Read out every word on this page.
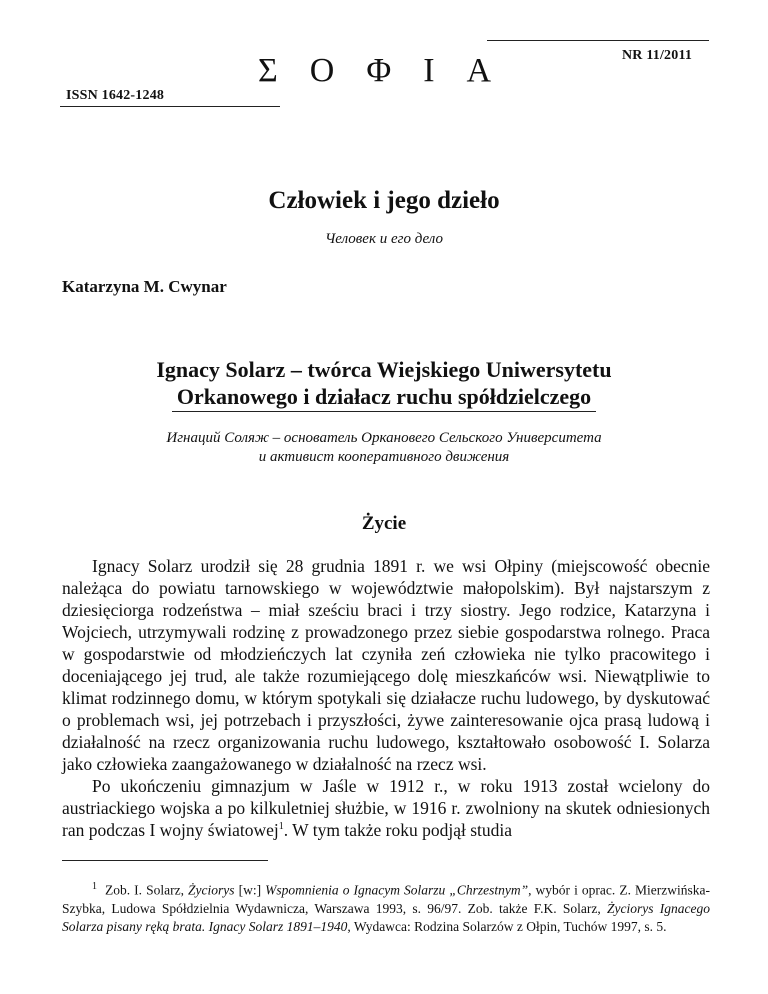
NR 11/2011
Σ Ο Φ Ι Α
ISSN 1642-1248
Człowiek i jego dzieło
Человек и его дело
Katarzyna M. Cwynar
Ignacy Solarz – twórca Wiejskiego Uniwersytetu
Orkanowego i działacz ruchu spółdzielczego
Игнаций Соляж – основатель Оркановего Сельского Университета
и активист кооперативного движения
Życie

Ignacy Solarz urodził się 28 grudnia 1891 r. we wsi Ołpiny (miejscowość obecnie należąca do powiatu tarnowskiego w województwie małopolskim). Był najstarszym z dziesięciorga rodzeństwa – miał sześciu braci i trzy siostry. Jego rodzice, Katarzyna i Wojciech, utrzymywali rodzinę z prowadzonego przez siebie gospodarstwa rolnego. Praca w gospodarstwie od młodzieńczych lat czyniła zeń człowieka nie tylko pracowitego i doceniającego jej trud, ale także rozumiejącego dolę mieszkańców wsi. Niewątpliwie to klimat rodzinnego domu, w którym spotykali się działacze ruchu ludowego, by dyskutować o problemach wsi, jej potrzebach i przyszłości, żywe zainteresowanie ojca prasą ludową i działalność na rzecz organizowania ruchu ludowego, kształtowało osobowość I. Solarza jako człowieka zaangażowanego w działalność na rzecz wsi.

Po ukończeniu gimnazjum w Jaśle w 1912 r., w roku 1913 został wcielony do austriackiego wojska a po kilkuletniej służbie, w 1916 r. zwolniony na skutek odniesionych ran podczas I wojny światowej$^1$. W tym także roku podjął studia

$^1$ Zob. I. Solarz, Życiorys [w:] Wspomnienia o Ignacym Solarzu „Chrzestnym”, wybór i oprac. Z. Mierzwińska-Szybka, Ludowa Spółdzielnia Wydawnicza, Warszawa 1993, s. 96/97. Zob. także F.K. Solarz, Życiorys Ignacego Solarza pisany ręką brata. Ignacy Solarz 1891–1940, Wydawca: Rodzina Solarzów z Ołpin, Tuchów 1997, s. 5.
